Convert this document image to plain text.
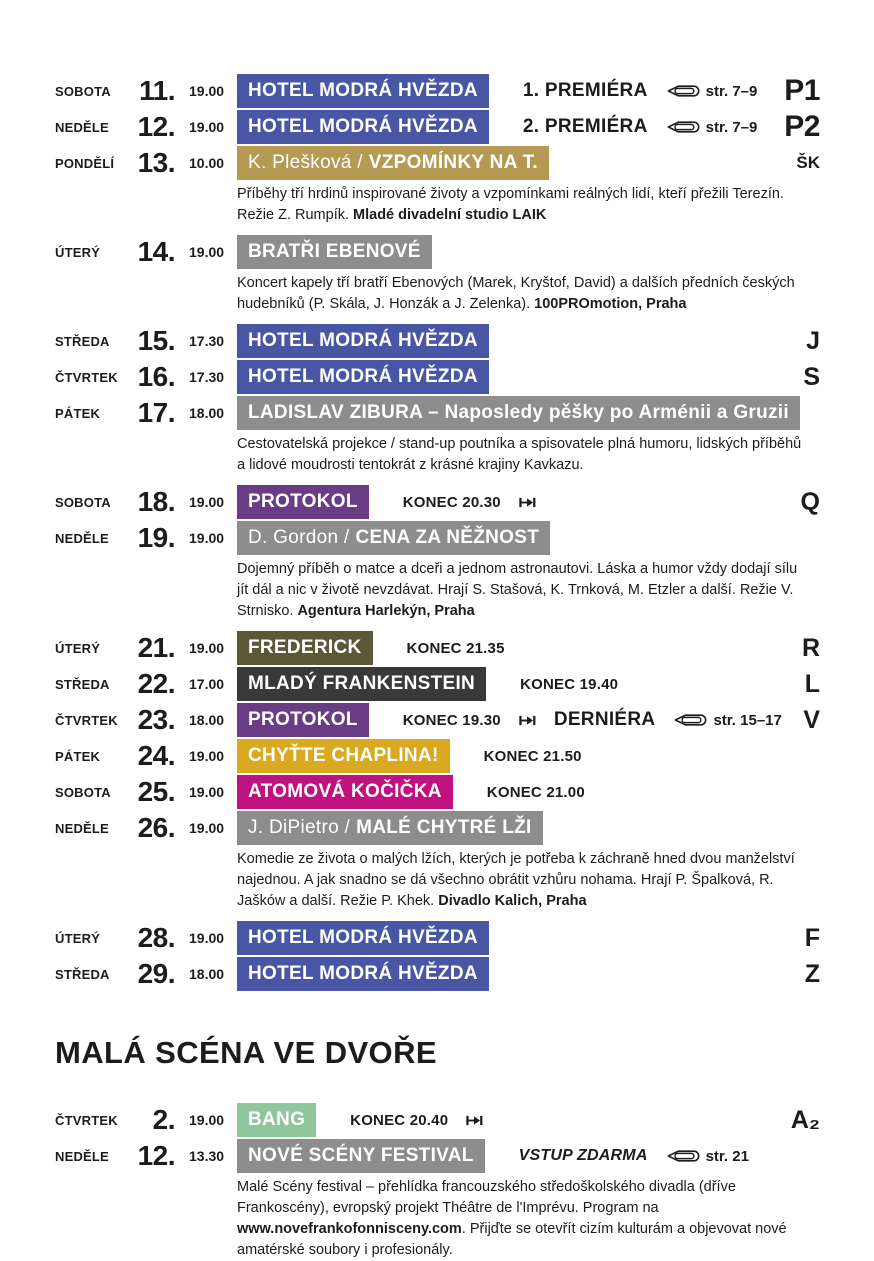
SOBOTA	11.	19.00	HOTEL MODRÁ HVĚZDA 1. PREMIÉRA	str. 7–9 P1
NEDĚLE	12.	19.00	HOTEL MODRÁ HVĚZDA 2. PREMIÉRA	str. 7–9 P2
PONDĚLÍ 13.	10.00	K. Plešková / VZPOMÍNKY NA T.	ŠK

Příběhy tří hrdinů inspirované životy a vzpomínkami reálných lidí, kteří přežili Terezín. Režie Z. Rumpík. Mladé divadelní studio LAIK

ÚTERÝ	14.	19.00	BRATŘI EBENOVÉ

Koncert kapely tří bratří Ebenových (Marek, Kryštof, David) a dalších předních českých hudebníků (P. Skála, J. Honzák a J. Zelenka). 100PROmotion, Praha

STŘEDA 15.	17.30	HOTEL MODRÁ HVĚZDA	J
ČTVRTEK 16.	17.30	HOTEL MODRÁ HVĚZDA	S
PÁTEK	17.	18.00	LADISLAV ZIBURA – Naposledy pěšky po Arménii a Gruzii

Cestovatelská projekce / stand-up poutníka a spisovatele plná humoru, lidských příběhů a lidové moudrosti tentokrát z krásné krajiny Kavkazu.

SOBOTA 18.	19.00	PROTOKOL	KONEC 20.30	Q
NEDĚLE	19.	19.00	D. Gordon / CENA ZA NĚŽNOST

Dojemný příběh o matce a dceři a jednom astronautovi. Láska a humor vždy dodají sílu jít dál a nic v životě nevzdávat. Hrají S. Stašová, K. Trnková, M. Etzler a další. Režie V. Strnisko. Agentura Harlekýn, Praha

ÚTERÝ	21.	19.00	FREDERICK	KONEC 21.35	R
STŘEDA 22.	17.00	MLADÝ FRANKENSTEIN	KONEC 19.40	L
ČTVRTEK 23.	18.00	PROTOKOL	KONEC 19.30	DERNIÉRA	str. 15–17 V
PÁTEK	24.	19.00	CHYŤTE CHAPLINA!	KONEC 21.50
SOBOTA 25.	19.00	ATOMOVÁ KOČIČKA	KONEC 21.00
NEDĚLE	26.	19.00	J. DiPietro / MALÉ CHYTRÉ LŽI

Komedie ze života o malých lžích, kterých je potřeba k záchraně hned dvou manželství najednou. A jak snadno se dá všechno obrátit vzhůru nohama. Hrají P. Špalková, R. Jašków a další. Režie P. Khek. Divadlo Kalich, Praha

ÚTERÝ	28.	19.00	HOTEL MODRÁ HVĚZDA	F
STŘEDA 29.	18.00	HOTEL MODRÁ HVĚZDA	Z
MALÁ SCÉNA VE DVOŘE
ČTVRTEK	2.	19.00	BANG	KONEC 20.40	A₂
NEDĚLE	12.	13.30	NOVÉ SCÉNY FESTIVAL	VSTUP ZDARMA	str. 21

Malé Scény festival – přehlídka francouzského středoškolského divadla (dříve Frankoscény), evropský projekt Théâtre de l'Imprévu. Program na www.novefrankofonnisceny.com. Přijďte se otevřít cizím kulturám a objevovat nové amatérské soubory i profesionály.
